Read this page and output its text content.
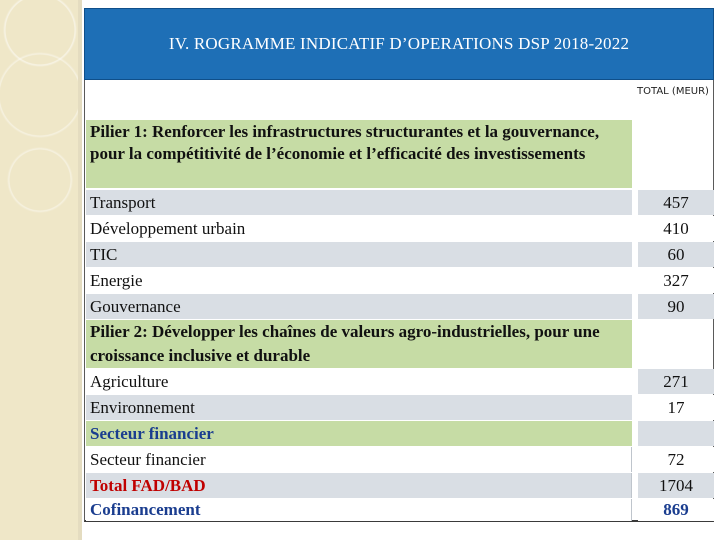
IV. ROGRAMME INDICATIF D’OPERATIONS DSP 2018-2022
TOTAL (MEUR)
Pilier 1: Renforcer les infrastructures structurantes et la gouvernance, pour la compétitivité de l’économie et l’efficacité des investissements
Transport	457
Développement urbain	410
TIC	60
Energie	327
Gouvernance	90
Pilier 2: Développer les chaînes de valeurs agro-industrielles, pour une croissance inclusive et durable
Agriculture	271
Environnement	17
Secteur financier
Secteur financier	72
Total FAD/BAD	1704
Cofinancement	869
